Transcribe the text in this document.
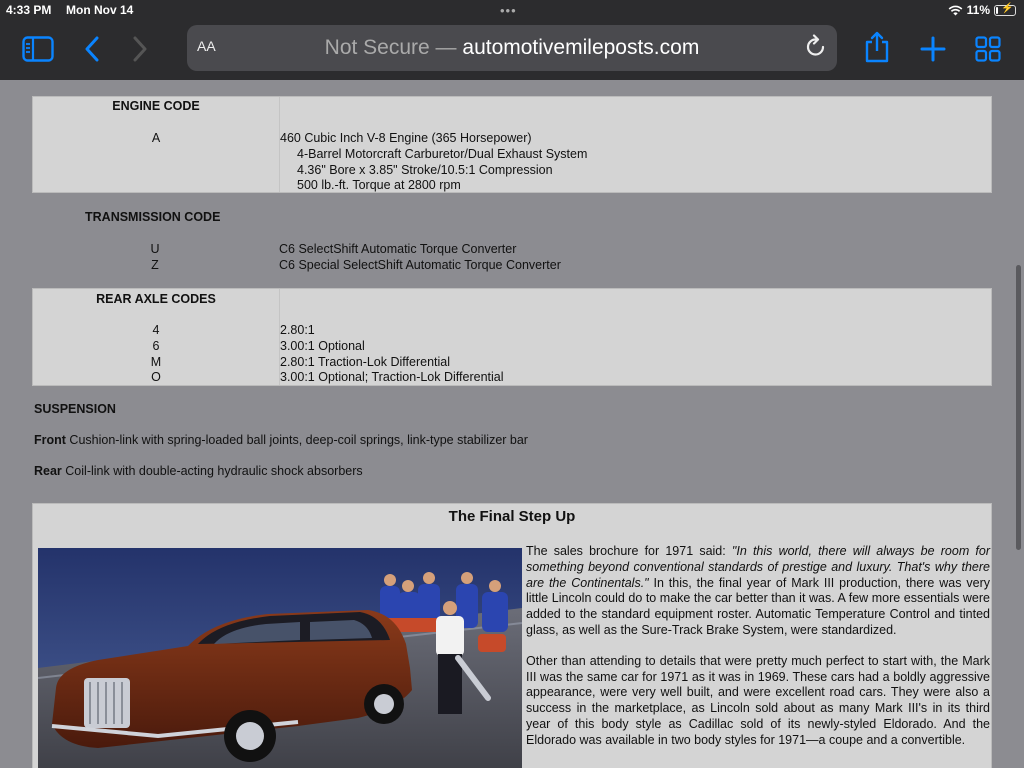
4:33 PM Mon Nov 14	•••	11% ⚡
AA	Not Secure — automotivemileposts.com
ENGINE CODE
A	460 Cubic Inch V-8 Engine (365 Horsepower)
4-Barrel Motorcraft Carburetor/Dual Exhaust System
4.36" Bore x 3.85" Stroke/10.5:1 Compression
500 lb.-ft. Torque at 2800 rpm
TRANSMISSION CODE
U	C6 SelectShift Automatic Torque Converter
Z	C6 Special SelectShift Automatic Torque Converter
REAR AXLE CODES
4	2.80:1
6	3.00:1 Optional
M	2.80:1 Traction-Lok Differential
O	3.00:1 Optional; Traction-Lok Differential
SUSPENSION
Front Cushion-link with spring-loaded ball joints, deep-coil springs, link-type stabilizer bar
Rear Coil-link with double-acting hydraulic shock absorbers
The Final Step Up

The sales brochure for 1971 said: "In this world, there will always be room for something beyond conventional standards of prestige and luxury. That's why there are the Continentals." In this, the final year of Mark III production, there was very little Lincoln could do to make the car better than it was. A few more essentials were added to the standard equipment roster. Automatic Temperature Control and tinted glass, as well as the Sure-Track Brake System, were standardized.

Other than attending to details that were pretty much perfect to start with, the Mark III was the same car for 1971 as it was in 1969. These cars had a boldly aggressive appearance, were very well built, and were excellent road cars. They were also a success in the marketplace, as Lincoln sold about as many Mark III's in its third year of this body style as Cadillac sold of its newly-styled Eldorado. And the Eldorado was available in two body styles for 1971—a coupe and a convertible.
